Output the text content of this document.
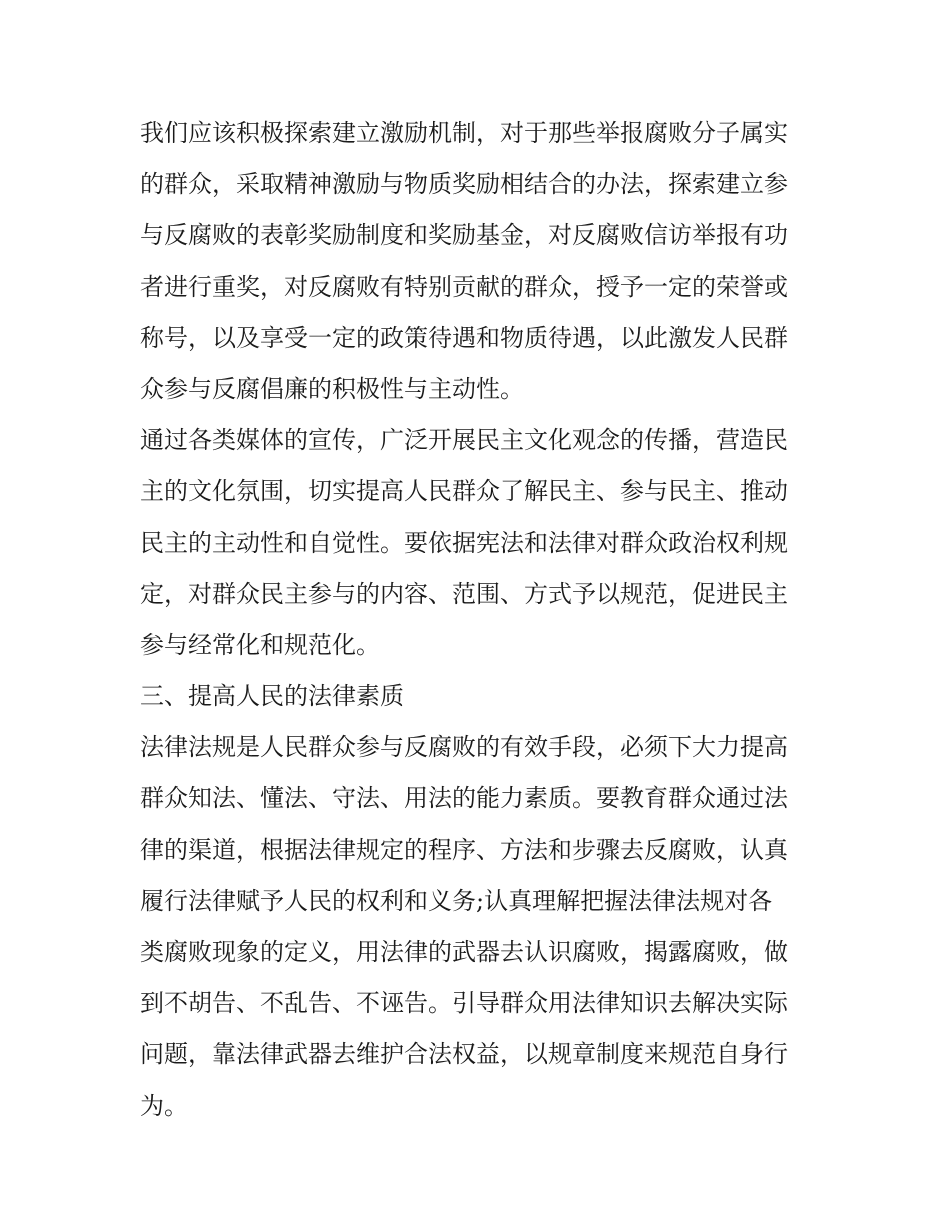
我们应该积极探索建立激励机制，对于那些举报腐败分子属实
的群众，采取精神激励与物质奖励相结合的办法，探索建立参
与反腐败的表彰奖励制度和奖励基金，对反腐败信访举报有功
者进行重奖，对反腐败有特别贡献的群众，授予一定的荣誉或
称号，以及享受一定的政策待遇和物质待遇，以此激发人民群
众参与反腐倡廉的积极性与主动性。
通过各类媒体的宣传，广泛开展民主文化观念的传播，营造民
主的文化氛围，切实提高人民群众了解民主、参与民主、推动
民主的主动性和自觉性。要依据宪法和法律对群众政治权利规
定，对群众民主参与的内容、范围、方式予以规范，促进民主
参与经常化和规范化。
三、提高人民的法律素质
法律法规是人民群众参与反腐败的有效手段，必须下大力提高
群众知法、懂法、守法、用法的能力素质。要教育群众通过法
律的渠道，根据法律规定的程序、方法和步骤去反腐败，认真
履行法律赋予人民的权利和义务;认真理解把握法律法规对各
类腐败现象的定义，用法律的武器去认识腐败，揭露腐败，做
到不胡告、不乱告、不诬告。引导群众用法律知识去解决实际
问题，靠法律武器去维护合法权益，以规章制度来规范自身行
为。
